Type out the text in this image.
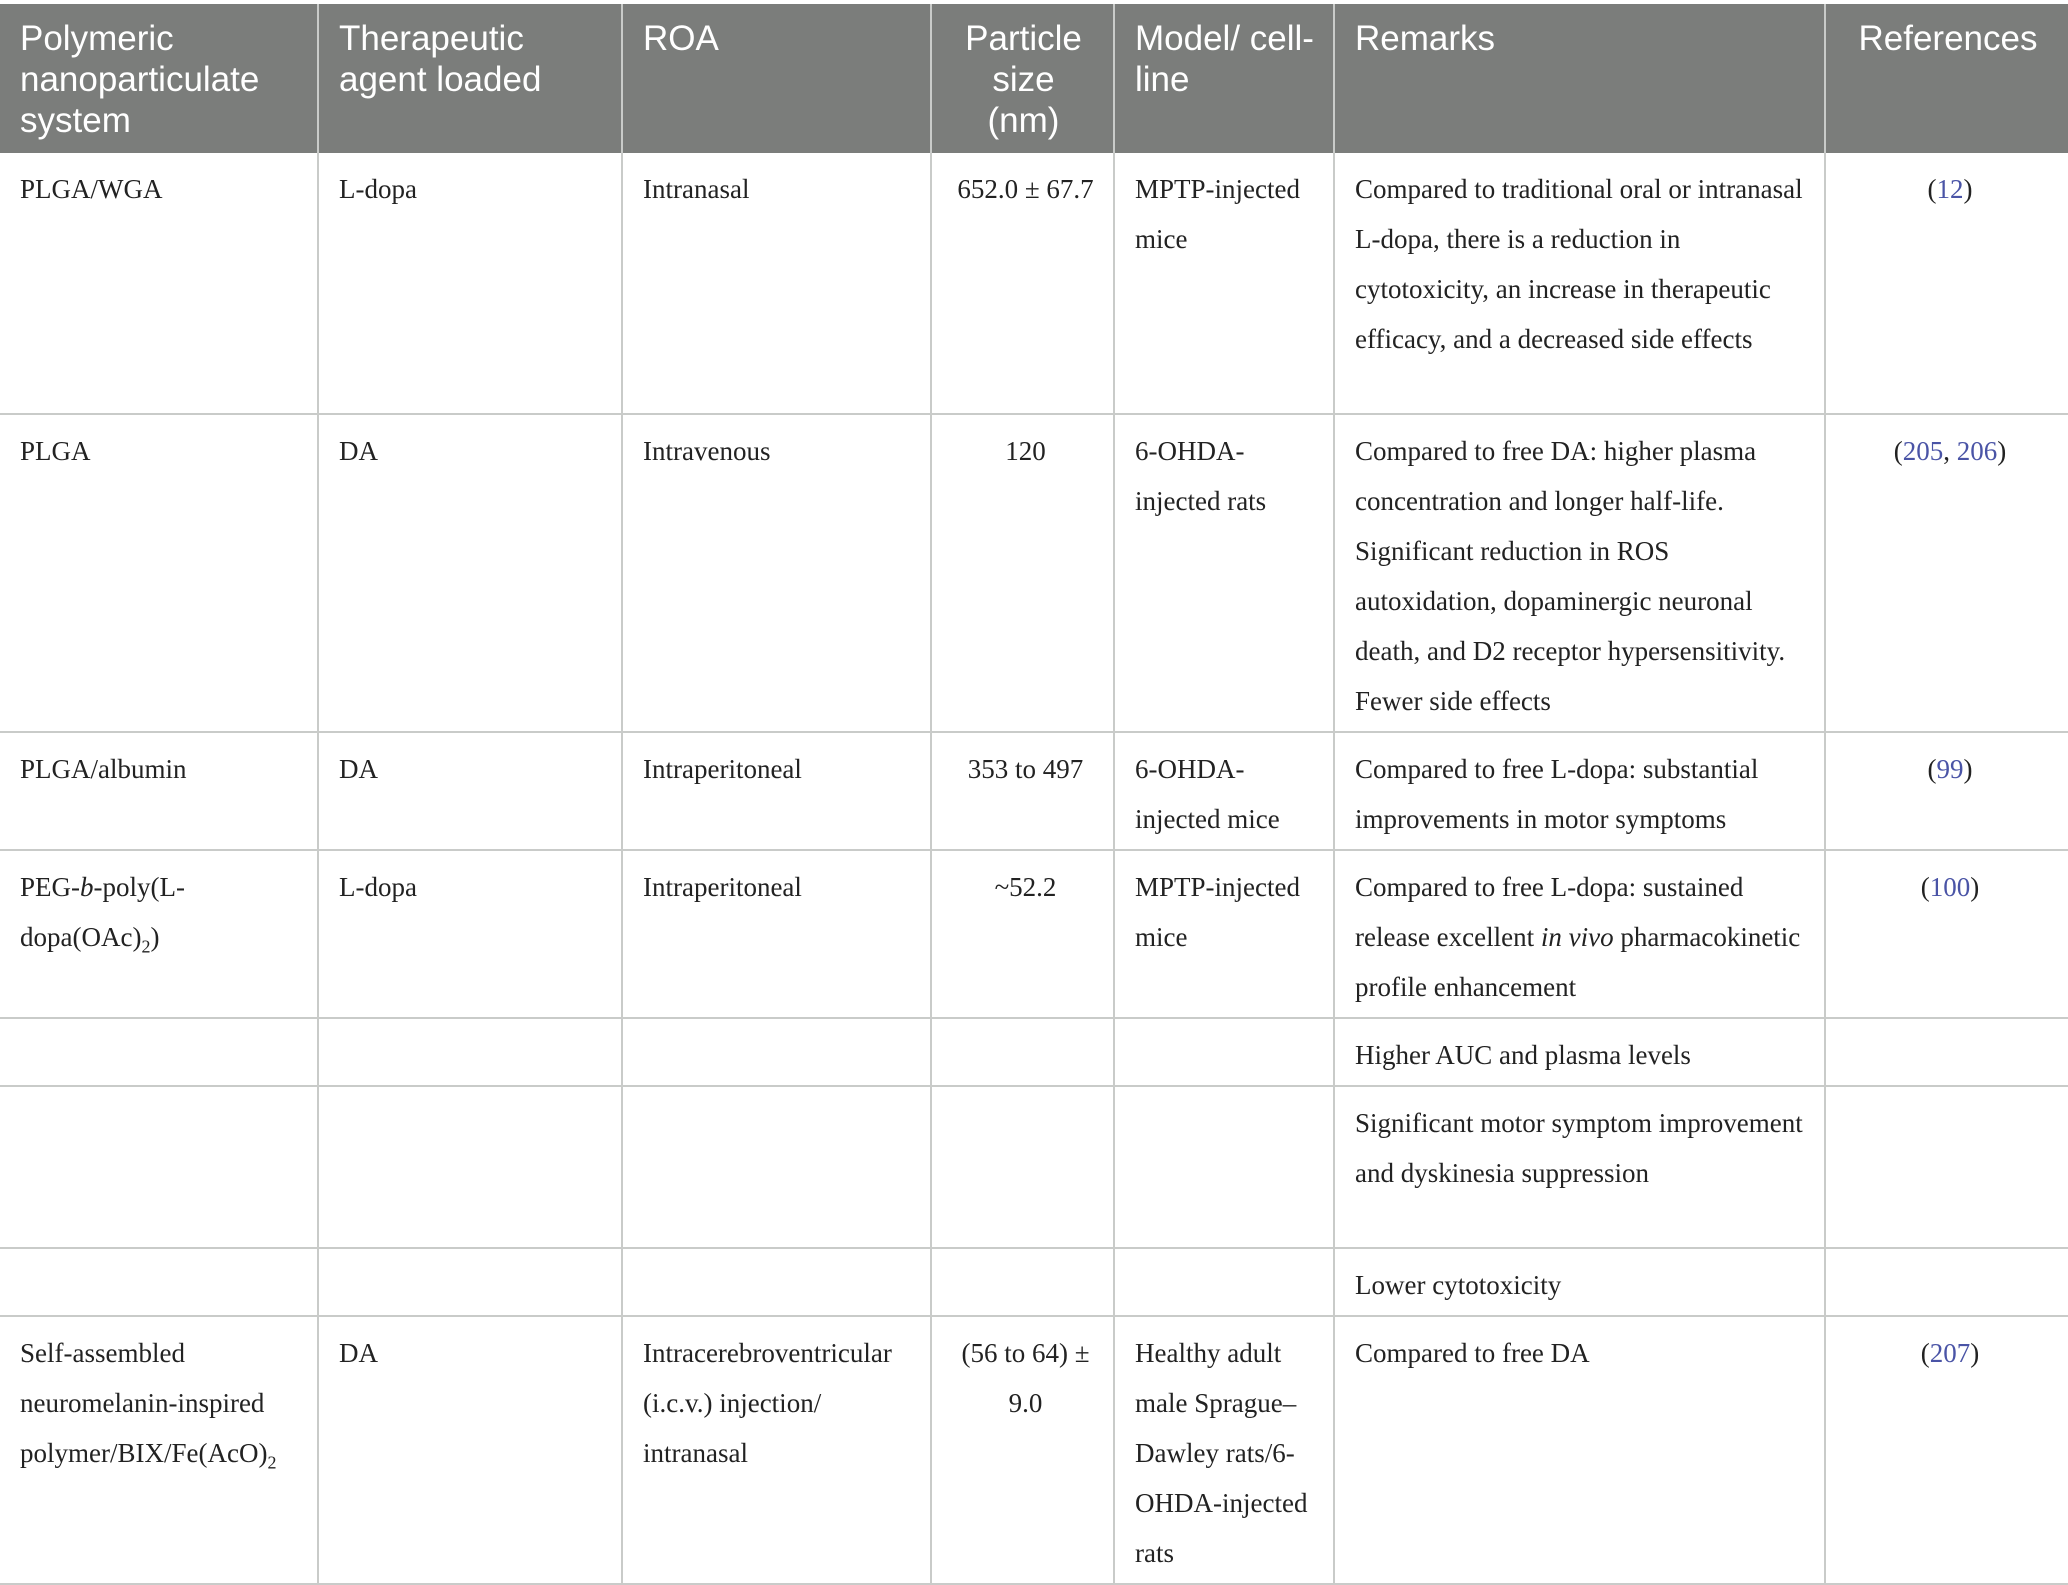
Polymeric nanoparticulate system	Therapeutic agent loaded	ROA	Particle size (nm)	Model/ cell-line	Remarks	References
PLGA/WGA	L-dopa	Intranasal	652.0 ± 67.7	MPTP-injected mice	Compared to traditional oral or intranasal L-dopa, there is a reduction in cytotoxicity, an increase in therapeutic efficacy, and a decreased side effects	(12)
PLGA	DA	Intravenous	120	6-OHDA-injected rats	Compared to free DA: higher plasma concentration and longer half-life. Significant reduction in ROS autoxidation, dopaminergic neuronal death, and D2 receptor hypersensitivity. Fewer side effects	(205, 206)
PLGA/albumin	DA	Intraperitoneal	353 to 497	6-OHDA-injected mice	Compared to free L-dopa: substantial improvements in motor symptoms	(99)
PEG-$b-poly(L-dopa(OAc)_2)$	L-dopa	Intraperitoneal	~52.2	MPTP-injected mice	Compared to free L-dopa: sustained release excellent in vivo pharmacokinetic profile enhancement	(100)
					Higher AUC and plasma levels	
					Significant motor symptom improvement and dyskinesia suppression	
					Lower cytotoxicity	
Self-assembled neuromelanin-inspired polymer/$BIX/Fe(AcO)_2$	DA	Intracerebroventricular (i.c.v.) injection/ intranasal	(56 to 64) ± 9.0	Healthy adult male Sprague–Dawley rats/6-OHDA-injected rats	Compared to free DA	(207)
